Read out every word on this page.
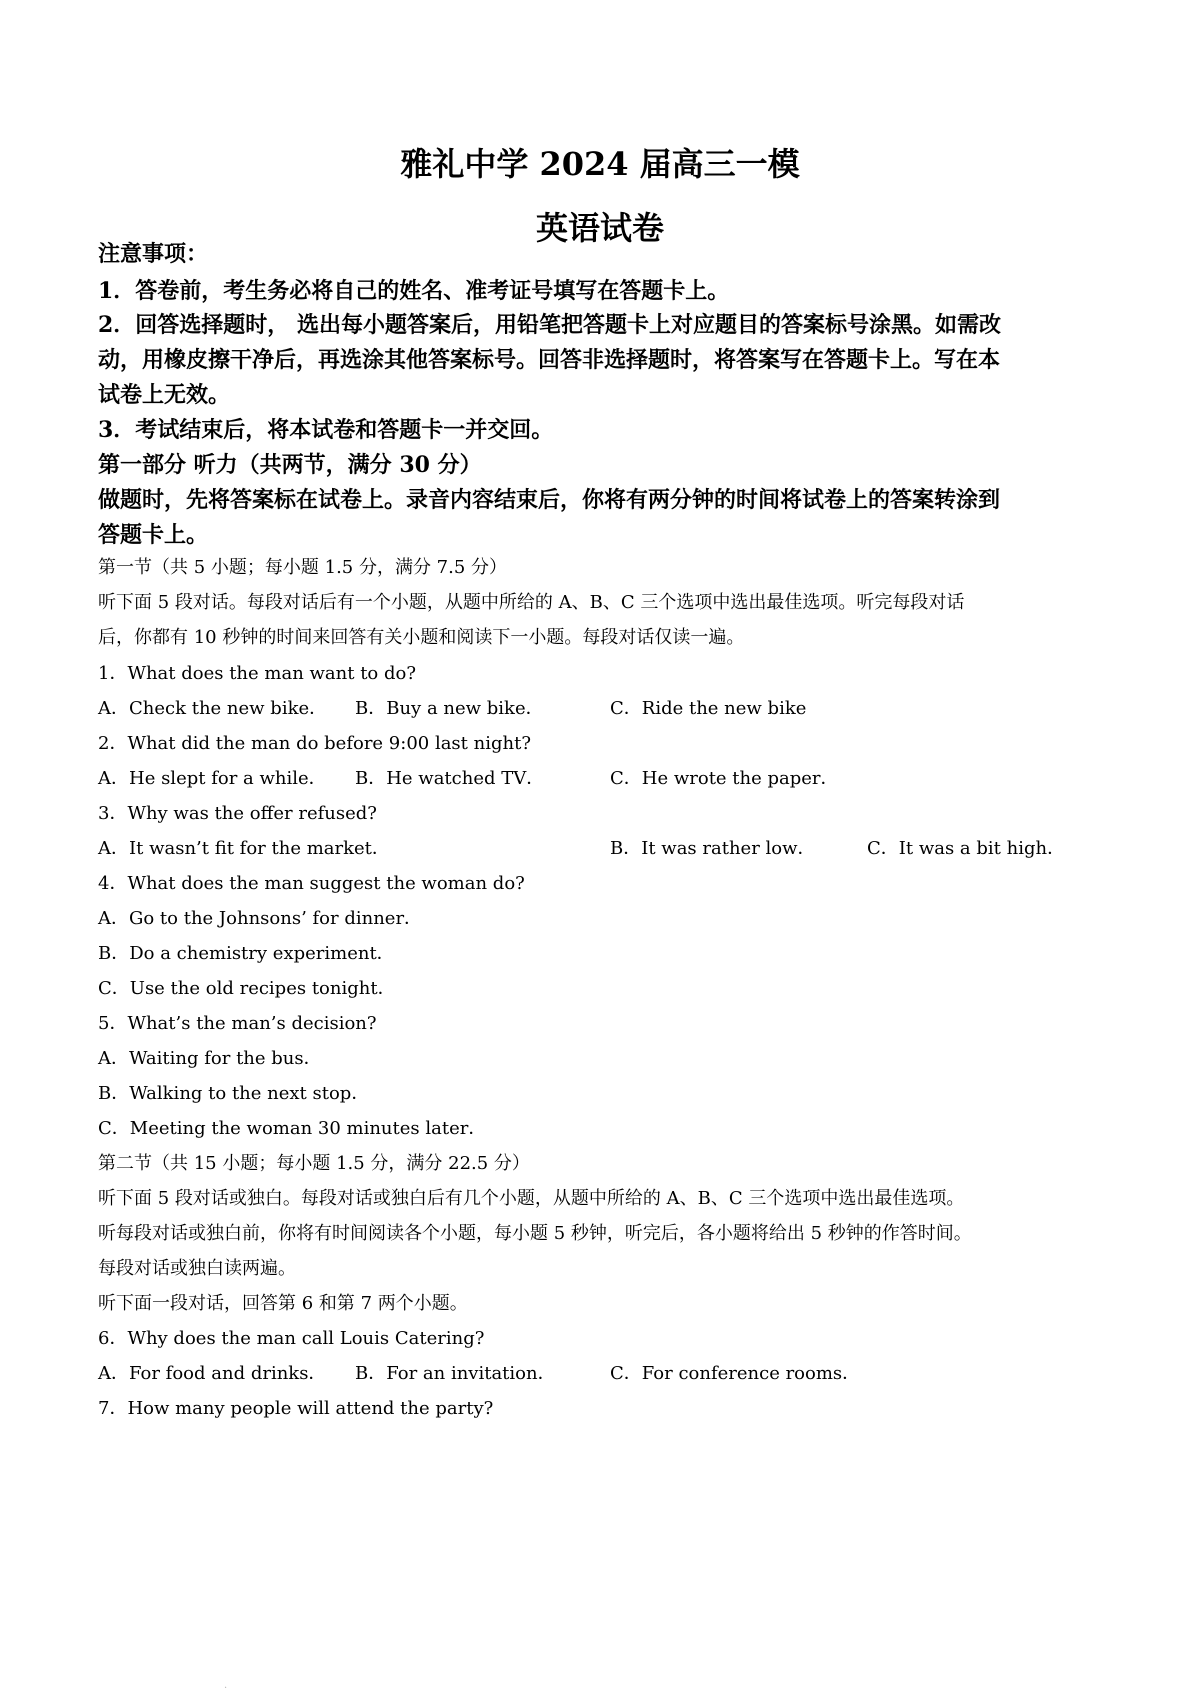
雅礼中学 2024 届高三一模
英语试卷
注意事项：
1．答卷前，考生务必将自己的姓名、准考证号填写在答题卡上。
2．回答选择题时， 选出每小题答案后，用铅笔把答题卡上对应题目的答案标号涂黑。如需改
动，用橡皮擦干净后，再选涂其他答案标号。回答非选择题时，将答案写在答题卡上。写在本
试卷上无效。
3．考试结束后，将本试卷和答题卡一并交回。
第一部分 听力（共两节，满分 30 分）
做题时，先将答案标在试卷上。录音内容结束后，你将有两分钟的时间将试卷上的答案转涂到
答题卡上。
第一节（共 5 小题；每小题 1.5 分，满分 7.5 分）
听下面 5 段对话。每段对话后有一个小题，从题中所给的 A、B、C 三个选项中选出最佳选项。听完每段对话
后，你都有 10 秒钟的时间来回答有关小题和阅读下一小题。每段对话仅读一遍。
1．What does the man want to do?
A．Check the new bike． B．Buy a new bike．	C．Ride the new bike
2．What did the man do before 9:00 last night?
A．He slept for a while． B．He watched TV．	C．He wrote the paper．
3．Why was the offer refused?
A．It wasn’t fit for the market．	B．It was rather low．	C．It was a bit high．
4．What does the man suggest the woman do?
A．Go to the Johnsons’ for dinner．
B．Do a chemistry experiment．
C．Use the old recipes tonight．
5．What’s the man’s decision?
A．Waiting for the bus．
B．Walking to the next stop．
C．Meeting the woman 30 minutes later．
第二节（共 15 小题；每小题 1.5 分，满分 22.5 分）
听下面 5 段对话或独白。每段对话或独白后有几个小题，从题中所给的 A、B、C 三个选项中选出最佳选项。
听每段对话或独白前，你将有时间阅读各个小题，每小题 5 秒钟，听完后，各小题将给出 5 秒钟的作答时间。
每段对话或独白读两遍。
听下面一段对话，回答第 6 和第 7 两个小题。
6．Why does the man call Louis Catering?
A．For food and drinks． B．For an invitation．	C．For conference rooms．
7．How many people will attend the party?
·
